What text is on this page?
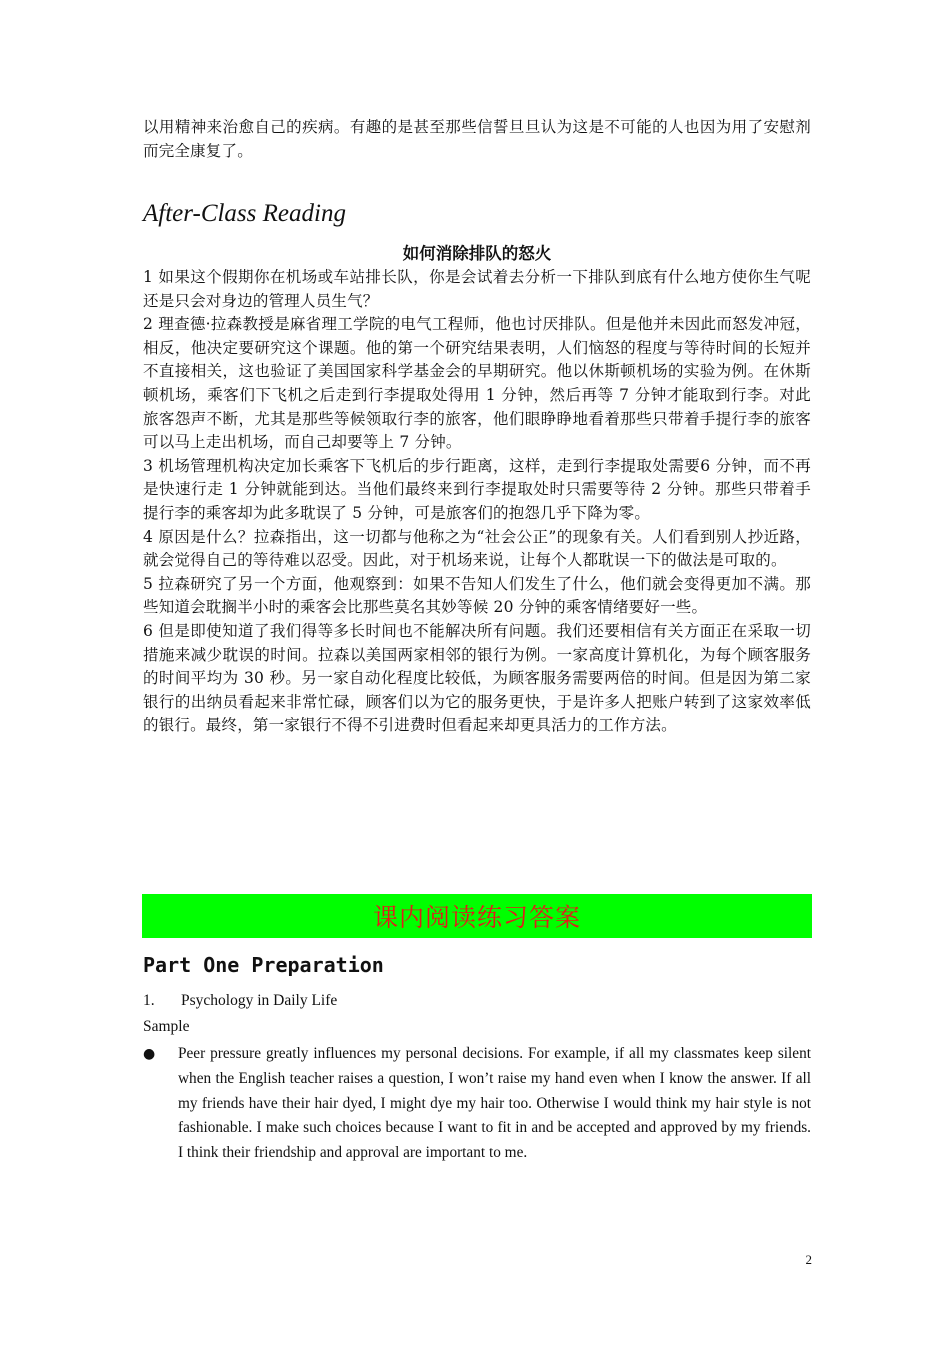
以用精神来治愈自己的疾病。有趣的是甚至那些信誓旦旦认为这是不可能的人也因为用了安慰剂而完全康复了。

After-Class Reading
如何消除排队的怒火

1 如果这个假期你在机场或车站排长队，你是会试着去分析一下排队到底有什么地方使你生气呢还是只会对身边的管理人员生气？

2 理查德·拉森教授是麻省理工学院的电气工程师，他也讨厌排队。但是他并未因此而怒发冲冠，相反，他决定要研究这个课题。他的第一个研究结果表明，人们恼怒的程度与等待时间的长短并不直接相关，这也验证了美国国家科学基金会的早期研究。他以休斯顿机场的实验为例。在休斯顿机场，乘客们下飞机之后走到行李提取处得用 1 分钟，然后再等 7 分钟才能取到行李。对此旅客怨声不断，尤其是那些等候领取行李的旅客，他们眼睁睁地看着那些只带着手提行李的旅客可以马上走出机场，而自己却要等上 7 分钟。

3 机场管理机构决定加长乘客下飞机后的步行距离，这样，走到行李提取处需要6 分钟，而不再是快速行走 1 分钟就能到达。当他们最终来到行李提取处时只需要等待 2 分钟。那些只带着手提行李的乘客却为此多耽误了 5 分钟，可是旅客们的抱怨几乎下降为零。

4 原因是什么？拉森指出，这一切都与他称之为“社会公正”的现象有关。人们看到别人抄近路，就会觉得自己的等待难以忍受。因此，对于机场来说，让每个人都耽误一下的做法是可取的。

5 拉森研究了另一个方面，他观察到：如果不告知人们发生了什么，他们就会变得更加不满。那些知道会耽搁半小时的乘客会比那些莫名其妙等候 20 分钟的乘客情绪要好一些。

6 但是即使知道了我们得等多长时间也不能解决所有问题。我们还要相信有关方面正在采取一切措施来减少耽误的时间。拉森以美国两家相邻的银行为例。一家高度计算机化，为每个顾客服务的时间平均为 30 秒。另一家自动化程度比较低，为顾客服务需要两倍的时间。但是因为第二家银行的出纳员看起来非常忙碌，顾客们以为它的服务更快，于是许多人把账户转到了这家效率低的银行。最终，第一家银行不得不引进费时但看起来却更具活力的工作方法。

课内阅读练习答案
Part One Preparation
1. Psychology in Daily Life
Sample
●	Peer pressure greatly influences my personal decisions. For example, if all my classmates keep silent when the English teacher raises a question, I won’t raise my hand even when I know the answer. If all my friends have their hair dyed, I might dye my hair too. Otherwise I would think my hair style is not fashionable. I make such choices because I want to fit in and be accepted and approved by my friends. I think their friendship and approval are important to me.

2
